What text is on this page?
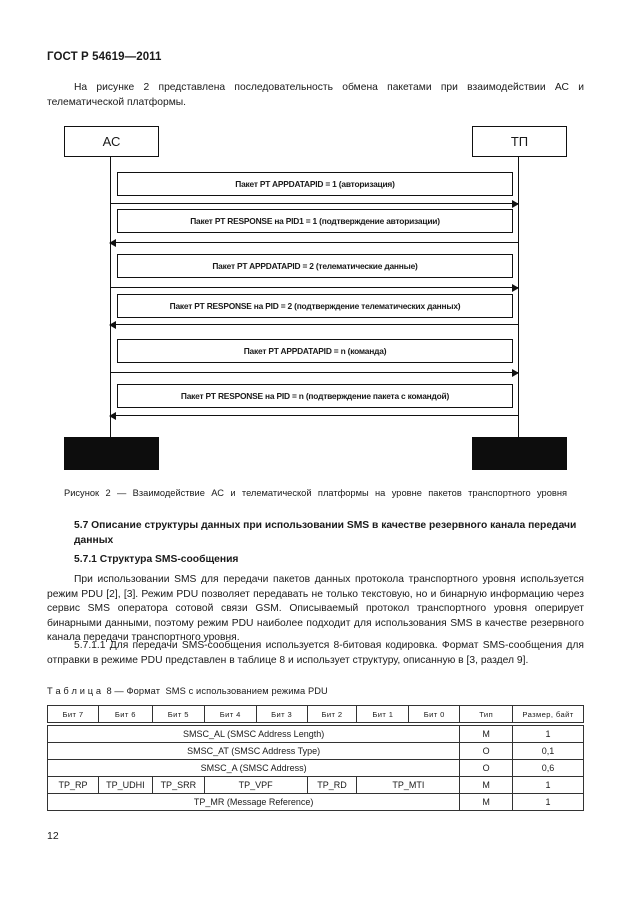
ГОСТ Р 54619—2011
На рисунке 2 представлена последовательность обмена пакетами при взаимодействии АС и телематической платформы.
АС	ТП
Пакет PT APPDATAPID = 1 (авторизация)
Пакет PT RESPONSE на PID1 = 1 (подтверждение авторизации)
Пакет PT APPDATAPID = 2 (телематические данные)
Пакет PT RESPONSE на PID = 2 (подтверждение телематических данных)
Пакет PT APPDATAPID = n (команда)
Пакет PT RESPONSE на PID = n (подтверждение пакета с командой)
Рисунок 2 — Взаимодействие АС и телематической платформы на уровне пакетов транспортного уровня
5.7 Описание структуры данных при использовании SMS в качестве резервного канала передачи данных
5.7.1 Структура SMS-сообщения
При использовании SMS для передачи пакетов данных протокола транспортного уровня используется режим PDU [2], [3]. Режим PDU позволяет передавать не только текстовую, но и бинарную информацию через сервис SMS оператора сотовой связи GSM. Описываемый протокол транспортного уровня оперирует бинарными данными, поэтому режим PDU наиболее подходит для использования SMS в качестве резервного канала передачи транспортного уровня.
5.7.1.1 Для передачи SMS-сообщения используется 8-битовая кодировка. Формат SMS-сообщения для отправки в режиме PDU представлен в таблице 8 и использует структуру, описанную в [3, раздел 9].
Т а б л и ц а  8 — Формат  SMS с использованием режима PDU
Бит 7	Бит 6	Бит 5	Бит 4	Бит 3	Бит 2	Бит 1	Бит 0	Тип	Размер, байт

SMSC_AL (SMSC Address Length)								M	1
SMSC_AT (SMSC Address Type)								O	0,1
SMSC_A (SMSC Address)								O	0,6
TP_RP	TP_UDHI	TP_SRR	TP_VPF		TP_RD	TP_MTI		M	1
TP_MR (Message Reference)								M	1
12
